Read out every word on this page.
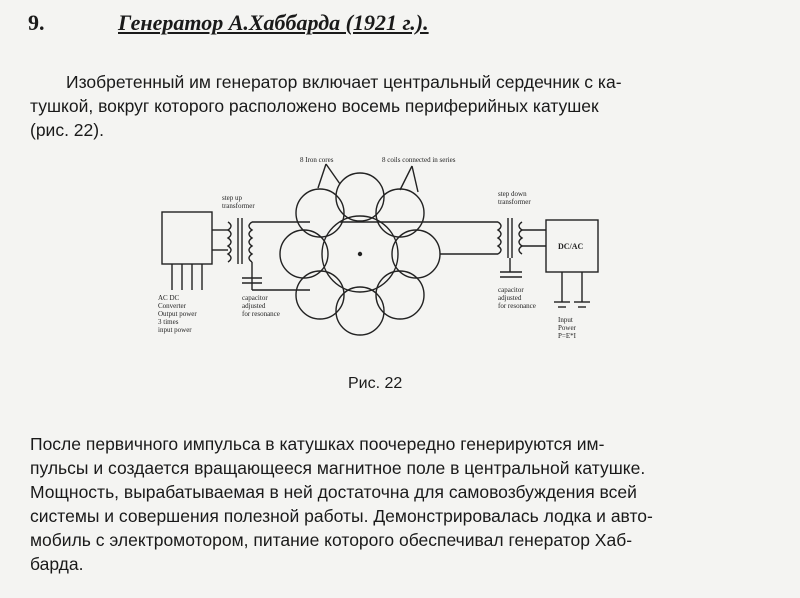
9.	Генератор А.Хаббарда (1921 г.).

Изобретенный им генератор включает центральный сердечник с ка-
тушкой, вокруг которого расположено восемь периферийных катушек
(рис. 22).

8 Iron cores	8 coils connected in series
step up
transformer
step down
transformer
DC/AC
AC DC
Converter
Output power
3 times
input power
capacitor
adjusted
for resonance
capacitor
adjusted
for resonance
Input
Power
P=E*I
Рис. 22

После первичного импульса в катушках поочередно генерируются им-
пульсы и создается вращающееся магнитное поле в центральной катушке.
Мощность, вырабатываемая в ней достаточна для самовозбуждения всей
системы и совершения полезной работы. Демонстрировалась лодка и авто-
мобиль с электромотором, питание которого обеспечивал генератор Хаб-
барда.
